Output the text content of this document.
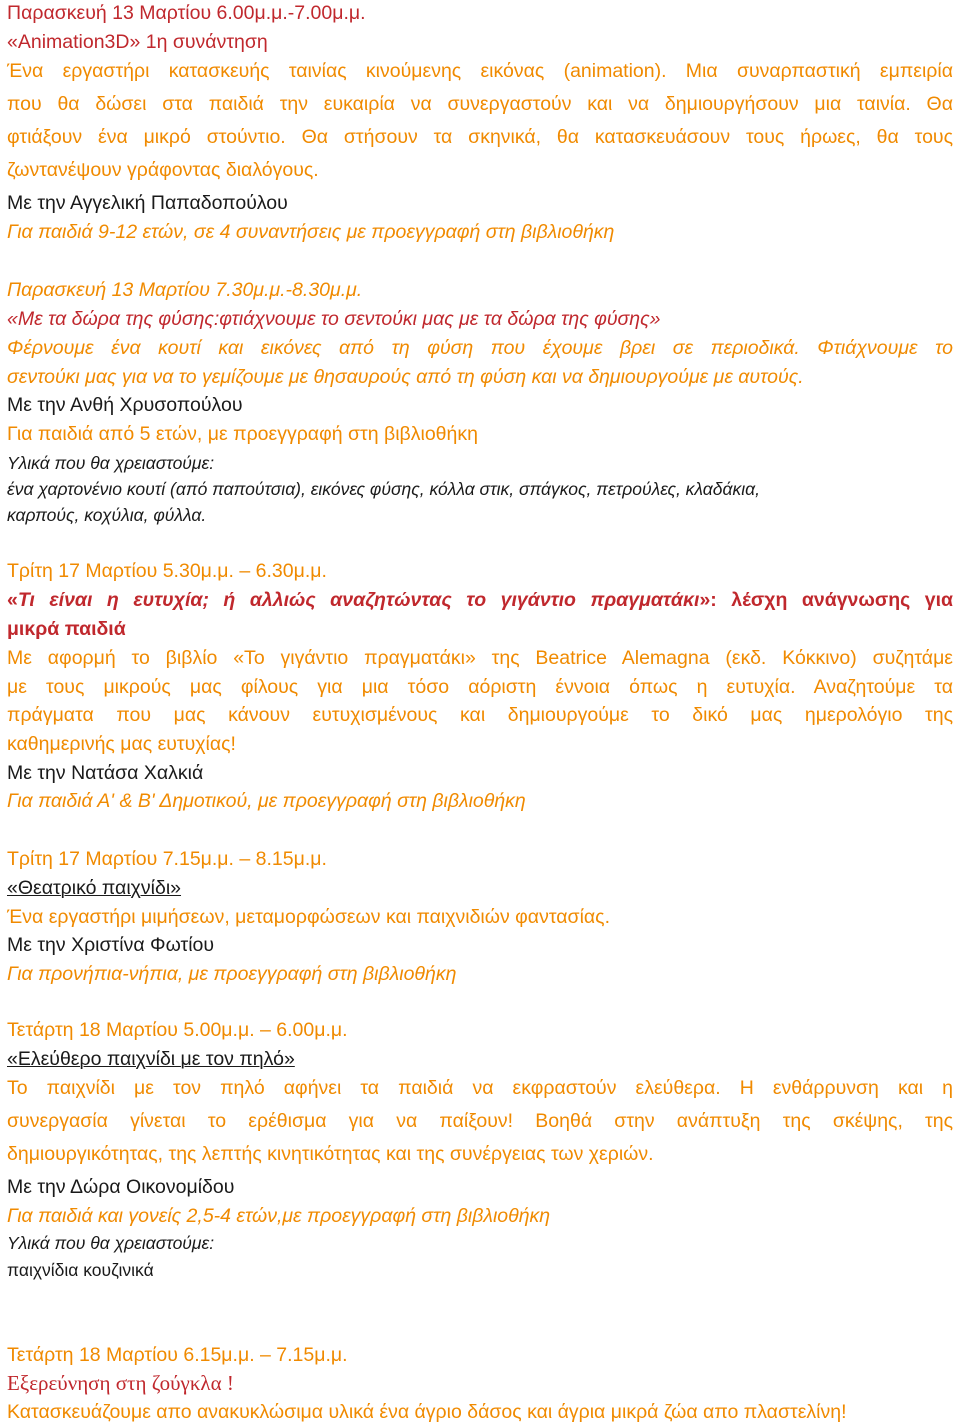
Παρασκευή 13 Μαρτίου 6.00μ.μ.-7.00μ.μ.
«Animation3D» 1η συνάντηση
Ένα εργαστήρι κατασκευής ταινίας κινούμενης εικόνας (animation). Μια συναρπαστική εμπειρία
που θα δώσει στα παιδιά την ευκαιρία να συνεργαστούν και να δημιουργήσουν μια ταινία. Θα
φτιάξουν ένα μικρό στούντιο. Θα στήσουν τα σκηνικά, θα κατασκευάσουν τους ήρωες, θα τους
ζωντανέψουν γράφοντας διαλόγους.
Με την Αγγελική Παπαδοπούλου
Για παιδιά 9-12 ετών, σε 4 συναντήσεις με προεγγραφή στη βιβλιοθήκη
Παρασκευή 13 Μαρτίου 7.30μ.μ.-8.30μ.μ.
«Με τα δώρα της φύσης:φτιάχνουμε το σεντούκι μας με τα δώρα της φύσης»
Φέρνουμε ένα κουτί και εικόνες από τη φύση που έχουμε βρει σε περιοδικά. Φτιάχνουμε το
σεντούκι μας για να το γεμίζουμε με θησαυρούς από τη φύση και να δημιουργούμε με αυτούς.
Με την Ανθή Χρυσοπούλου
Για παιδιά από 5 ετών, με προεγγραφή στη βιβλιοθήκη
Υλικά που θα χρειαστούμε:
ένα χαρτονένιο κουτί (από παπούτσια), εικόνες φύσης, κόλλα στικ, σπάγκος, πετρούλες, κλαδάκια,
καρπούς, κοχύλια, φύλλα.
Τρίτη 17 Μαρτίου 5.30μ.μ. – 6.30μ.μ.
«Τι είναι η ευτυχία; ή αλλιώς αναζητώντας το γιγάντιο πραγματάκι»: λέσχη ανάγνωσης για
μικρά παιδιά
Με αφορμή το βιβλίο «Το γιγάντιο πραγματάκι» της Beatrice Alemagna (εκδ. Κόκκινο) συζητάμε
με τους μικρούς μας φίλους για μια τόσο αόριστη έννοια όπως η ευτυχία. Αναζητούμε τα
πράγματα που μας κάνουν ευτυχισμένους και δημιουργούμε το δικό μας ημερολόγιο της
καθημερινής μας ευτυχίας!
Με την Νατάσα Χαλκιά
Για παιδιά Α' & Β' Δημοτικού, με προεγγραφή στη βιβλιοθήκη
Τρίτη 17 Μαρτίου 7.15μ.μ. – 8.15μ.μ.
«Θεατρικό παιχνίδι»
Ένα εργαστήρι μιμήσεων, μεταμορφώσεων και παιχνιδιών φαντασίας.
Με την Χριστίνα Φωτίου
Για προνήπια-νήπια, με προεγγραφή στη βιβλιοθήκη
Τετάρτη 18 Μαρτίου 5.00μ.μ. – 6.00μ.μ.
«Ελεύθερο παιχνίδι με τον πηλό»
Το παιχνίδι με τον πηλό αφήνει τα παιδιά να εκφραστούν ελεύθερα. Η ενθάρρυνση και η
συνεργασία γίνεται το ερέθισμα για να παίξουν! Βοηθά στην ανάπτυξη της σκέψης, της
δημιουργικότητας, της λεπτής κινητικότητας και της συνέργειας των χεριών.
Με την Δώρα Οικονομίδου
Για παιδιά και γονείς 2,5-4 ετών,με προεγγραφή στη βιβλιοθήκη
Υλικά που θα χρειαστούμε:
παιχνίδια κουζινικά
Τετάρτη 18 Μαρτίου 6.15μ.μ. – 7.15μ.μ.
Εξερεύνηση στη ζούγκλα !
Κατασκευάζουμε απο ανακυκλώσιμα υλικά ένα άγριο δάσος και άγρια μικρά ζώα απο πλαστελίνη!
